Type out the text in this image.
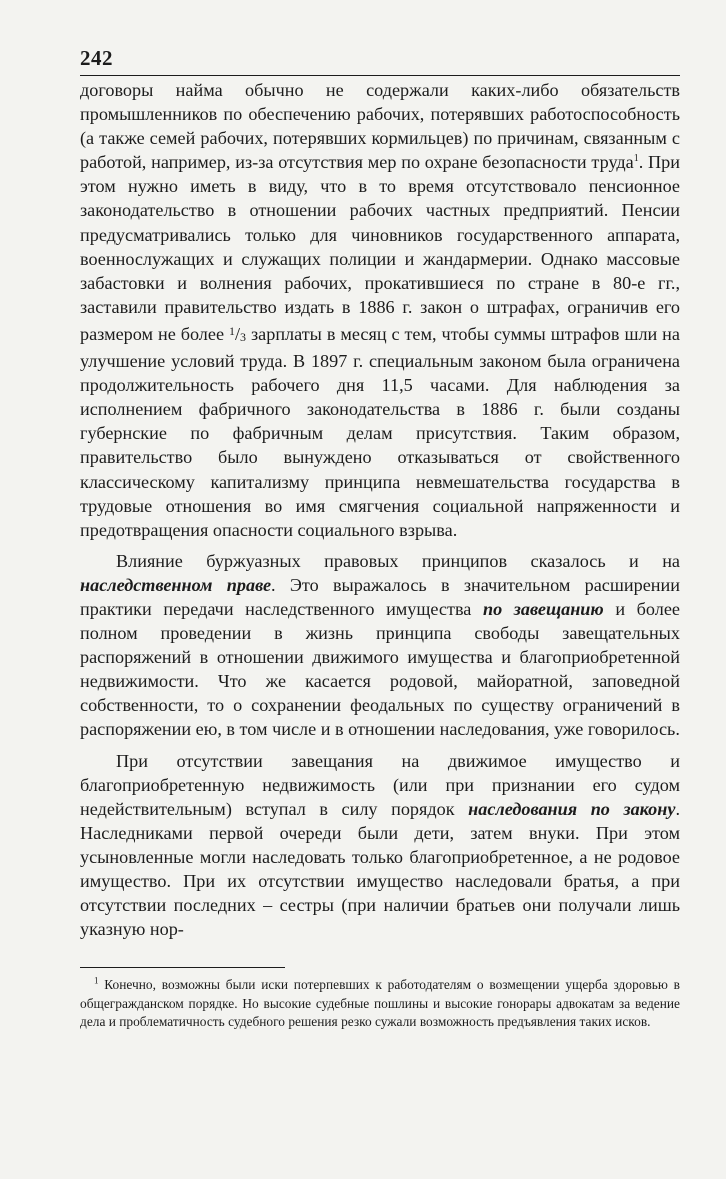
242

договоры найма обычно не содержали каких-либо обязательств промышленников по обеспечению рабочих, потерявших работоспособность (а также семей рабочих, потерявших кормильцев) по причинам, связанным с работой, например, из-за отсутствия мер по охране безопасности труда$^1$. При этом нужно иметь в виду, что в то время отсутствовало пенсионное законодательство в отношении рабочих частных предприятий. Пенсии предусматривались только для чиновников государственного аппарата, военнослужащих и служащих полиции и жандармерии. Однако массовые забастовки и волнения рабочих, прокатившиеся по стране в 80-е гг., заставили правительство издать в 1886 г. закон о штрафах, ограничив его размером не более $^1$/3 зарплаты в месяц с тем, чтобы суммы штрафов шли на улучшение условий труда. В 1897 г. специальным законом была ограничена продолжительность рабочего дня 11,5 часами. Для наблюдения за исполнением фабричного законодательства в 1886 г. были созданы губернские по фабричным делам присутствия. Таким образом, правительство было вынуждено отказываться от свойственного классическому капитализму принципа невмешательства государства в трудовые отношения во имя смягчения социальной напряженности и предотвращения опасности социального взрыва.

Влияние буржуазных правовых принципов сказалось и на наследственном праве. Это выражалось в значительном расширении практики передачи наследственного имущества по завещанию и более полном проведении в жизнь принципа свободы завещательных распоряжений в отношении движимого имущества и благоприобретенной недвижимости. Что же касается родовой, майоратной, заповедной собственности, то о сохранении феодальных по существу ограничений в распоряжении ею, в том числе и в отношении наследования, уже говорилось.

При отсутствии завещания на движимое имущество и благоприобретенную недвижимость (или при признании его судом недействительным) вступал в силу порядок наследования по закону. Наследниками первой очереди были дети, затем внуки. При этом усыновленные могли наследовать только благоприобретенное, а не родовое имущество. При их отсутствии имущество наследовали братья, а при отсутствии последних – сестры (при наличии братьев они получали лишь указную нор-

$^1$ Конечно, возможны были иски потерпевших к работодателям о возмещении ущерба здоровью в общегражданском порядке. Но высокие судебные пошлины и высокие гонорары адвокатам за ведение дела и проблематичность судебного решения резко сужали возможность предъявления таких исков.
